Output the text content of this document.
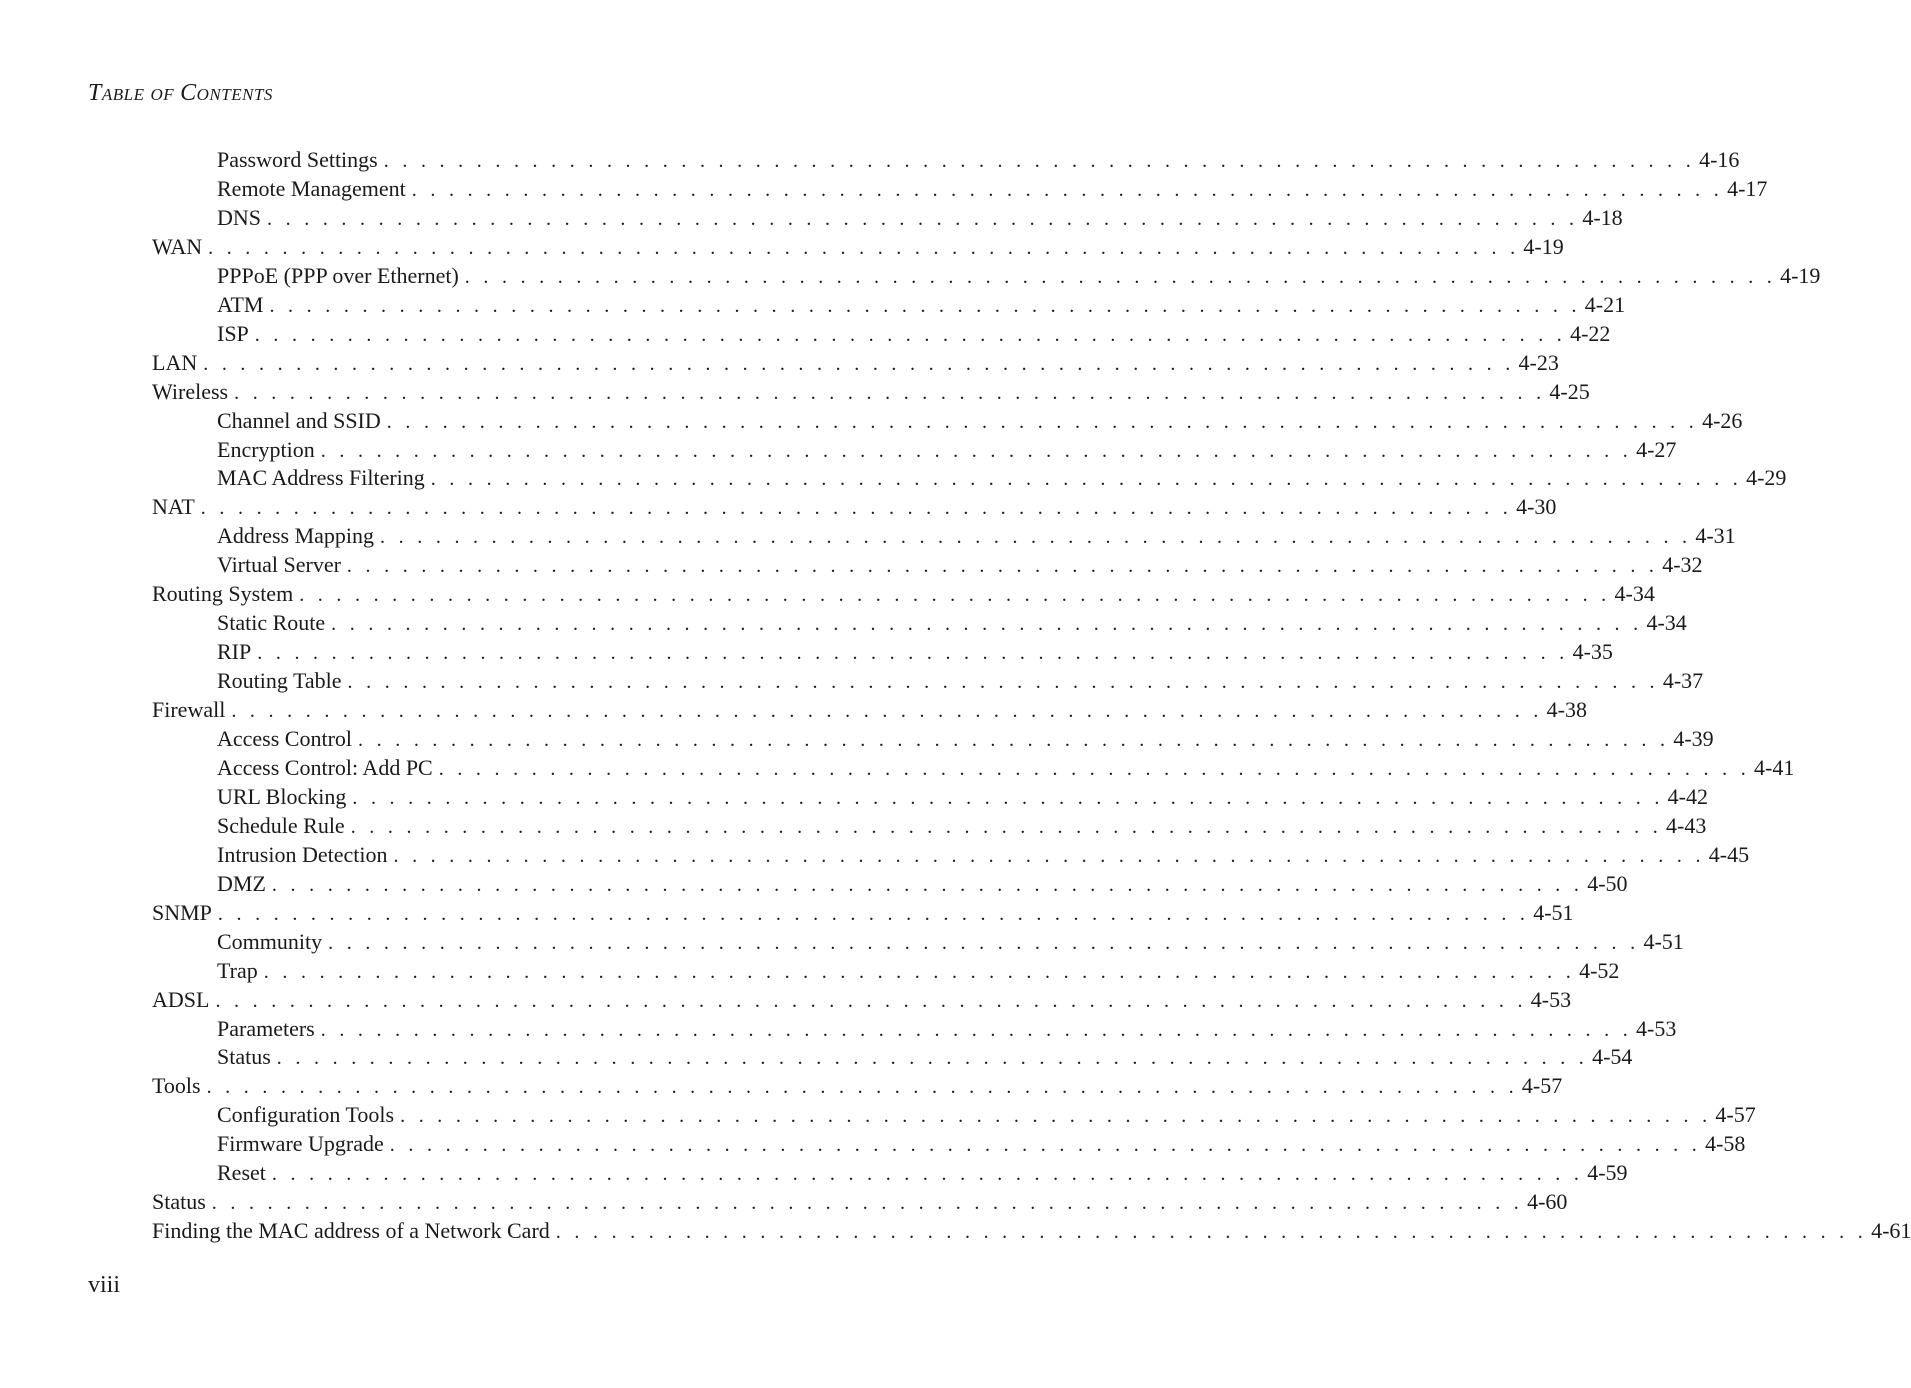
TABLE OF CONTENTS
Password Settings . . . . . . . . . . . . . . . . . . . . . . . . . . . . . . . . . . . . . . . . . . . . . . . . . . . . . . . . . . . . . . . . . . . . . . . 4-16
Remote Management . . . . . . . . . . . . . . . . . . . . . . . . . . . . . . . . . . . . . . . . . . . . . . . . . . . . . . . . . . . . . . . . . . . . . . . 4-17
DNS . . . . . . . . . . . . . . . . . . . . . . . . . . . . . . . . . . . . . . . . . . . . . . . . . . . . . . . . . . . . . . . . . . . . . . . 4-18
WAN . . . . . . . . . . . . . . . . . . . . . . . . . . . . . . . . . . . . . . . . . . . . . . . . . . . . . . . . . . . . . . . . . . . . . . . 4-19
PPPoE (PPP over Ethernet) . . . . . . . . . . . . . . . . . . . . . . . . . . . . . . . . . . . . . . . . . . . . . . . . . . . . . . . . . . . . . . . . . . . . . . . 4-19
ATM . . . . . . . . . . . . . . . . . . . . . . . . . . . . . . . . . . . . . . . . . . . . . . . . . . . . . . . . . . . . . . . . . . . . . . . 4-21
ISP . . . . . . . . . . . . . . . . . . . . . . . . . . . . . . . . . . . . . . . . . . . . . . . . . . . . . . . . . . . . . . . . . . . . . . . 4-22
LAN . . . . . . . . . . . . . . . . . . . . . . . . . . . . . . . . . . . . . . . . . . . . . . . . . . . . . . . . . . . . . . . . . . . . . . . 4-23
Wireless . . . . . . . . . . . . . . . . . . . . . . . . . . . . . . . . . . . . . . . . . . . . . . . . . . . . . . . . . . . . . . . . . . . . . . . 4-25
Channel and SSID . . . . . . . . . . . . . . . . . . . . . . . . . . . . . . . . . . . . . . . . . . . . . . . . . . . . . . . . . . . . . . . . . . . . . . . 4-26
Encryption . . . . . . . . . . . . . . . . . . . . . . . . . . . . . . . . . . . . . . . . . . . . . . . . . . . . . . . . . . . . . . . . . . . . . . . 4-27
MAC Address Filtering . . . . . . . . . . . . . . . . . . . . . . . . . . . . . . . . . . . . . . . . . . . . . . . . . . . . . . . . . . . . . . . . . . . . . . . 4-29
NAT . . . . . . . . . . . . . . . . . . . . . . . . . . . . . . . . . . . . . . . . . . . . . . . . . . . . . . . . . . . . . . . . . . . . . . . 4-30
Address Mapping . . . . . . . . . . . . . . . . . . . . . . . . . . . . . . . . . . . . . . . . . . . . . . . . . . . . . . . . . . . . . . . . . . . . . . . 4-31
Virtual Server . . . . . . . . . . . . . . . . . . . . . . . . . . . . . . . . . . . . . . . . . . . . . . . . . . . . . . . . . . . . . . . . . . . . . . . 4-32
Routing System . . . . . . . . . . . . . . . . . . . . . . . . . . . . . . . . . . . . . . . . . . . . . . . . . . . . . . . . . . . . . . . . . . . . . . . 4-34
Static Route . . . . . . . . . . . . . . . . . . . . . . . . . . . . . . . . . . . . . . . . . . . . . . . . . . . . . . . . . . . . . . . . . . . . . . . 4-34
RIP . . . . . . . . . . . . . . . . . . . . . . . . . . . . . . . . . . . . . . . . . . . . . . . . . . . . . . . . . . . . . . . . . . . . . . . 4-35
Routing Table . . . . . . . . . . . . . . . . . . . . . . . . . . . . . . . . . . . . . . . . . . . . . . . . . . . . . . . . . . . . . . . . . . . . . . . 4-37
Firewall . . . . . . . . . . . . . . . . . . . . . . . . . . . . . . . . . . . . . . . . . . . . . . . . . . . . . . . . . . . . . . . . . . . . . . . 4-38
Access Control . . . . . . . . . . . . . . . . . . . . . . . . . . . . . . . . . . . . . . . . . . . . . . . . . . . . . . . . . . . . . . . . . . . . . . . 4-39
Access Control: Add PC . . . . . . . . . . . . . . . . . . . . . . . . . . . . . . . . . . . . . . . . . . . . . . . . . . . . . . . . . . . . . . . . . . . . . . . 4-41
URL Blocking . . . . . . . . . . . . . . . . . . . . . . . . . . . . . . . . . . . . . . . . . . . . . . . . . . . . . . . . . . . . . . . . . . . . . . . 4-42
Schedule Rule . . . . . . . . . . . . . . . . . . . . . . . . . . . . . . . . . . . . . . . . . . . . . . . . . . . . . . . . . . . . . . . . . . . . . . . 4-43
Intrusion Detection . . . . . . . . . . . . . . . . . . . . . . . . . . . . . . . . . . . . . . . . . . . . . . . . . . . . . . . . . . . . . . . . . . . . . . . 4-45
DMZ . . . . . . . . . . . . . . . . . . . . . . . . . . . . . . . . . . . . . . . . . . . . . . . . . . . . . . . . . . . . . . . . . . . . . . . 4-50
SNMP . . . . . . . . . . . . . . . . . . . . . . . . . . . . . . . . . . . . . . . . . . . . . . . . . . . . . . . . . . . . . . . . . . . . . . . 4-51
Community . . . . . . . . . . . . . . . . . . . . . . . . . . . . . . . . . . . . . . . . . . . . . . . . . . . . . . . . . . . . . . . . . . . . . . . 4-51
Trap . . . . . . . . . . . . . . . . . . . . . . . . . . . . . . . . . . . . . . . . . . . . . . . . . . . . . . . . . . . . . . . . . . . . . . . 4-52
ADSL . . . . . . . . . . . . . . . . . . . . . . . . . . . . . . . . . . . . . . . . . . . . . . . . . . . . . . . . . . . . . . . . . . . . . . . 4-53
Parameters . . . . . . . . . . . . . . . . . . . . . . . . . . . . . . . . . . . . . . . . . . . . . . . . . . . . . . . . . . . . . . . . . . . . . . . 4-53
Status . . . . . . . . . . . . . . . . . . . . . . . . . . . . . . . . . . . . . . . . . . . . . . . . . . . . . . . . . . . . . . . . . . . . . . . 4-54
Tools . . . . . . . . . . . . . . . . . . . . . . . . . . . . . . . . . . . . . . . . . . . . . . . . . . . . . . . . . . . . . . . . . . . . . . . 4-57
Configuration Tools . . . . . . . . . . . . . . . . . . . . . . . . . . . . . . . . . . . . . . . . . . . . . . . . . . . . . . . . . . . . . . . . . . . . . . . 4-57
Firmware Upgrade . . . . . . . . . . . . . . . . . . . . . . . . . . . . . . . . . . . . . . . . . . . . . . . . . . . . . . . . . . . . . . . . . . . . . . . 4-58
Reset . . . . . . . . . . . . . . . . . . . . . . . . . . . . . . . . . . . . . . . . . . . . . . . . . . . . . . . . . . . . . . . . . . . . . . . 4-59
Status . . . . . . . . . . . . . . . . . . . . . . . . . . . . . . . . . . . . . . . . . . . . . . . . . . . . . . . . . . . . . . . . . . . . . . . 4-60
Finding the MAC address of a Network Card . . . . . . . . . . . . . . . . . . . . . . . . . . . . . . . . . . . . . . . . . . . . . . . . . . . . . . . . . . . . . . . . . . . . . . . 4-61
viii
